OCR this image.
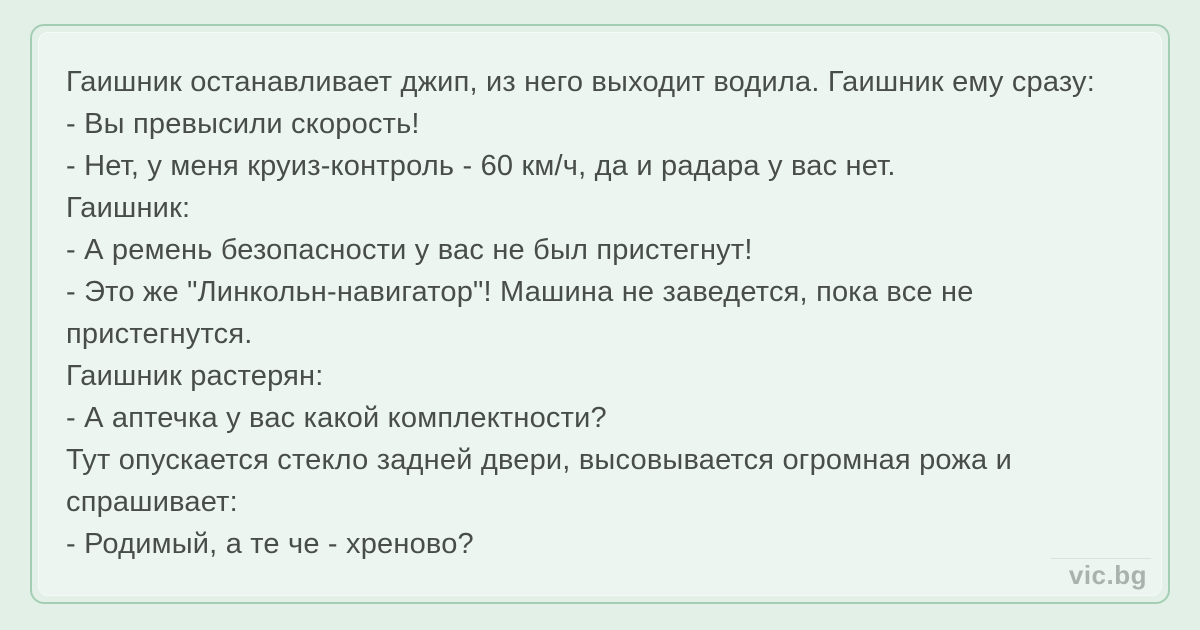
Гаишник останавливает джип, из него выходит водила. Гаишник ему сразу:
- Вы превысили скорость!
- Нет, у меня круиз-контроль - 60 км/ч, да и радара у вас нет.
Гаишник:
- А ремень безопасности у вас не был пристегнут!
- Это же "Линкольн-навигатор"! Машина не заведется, пока все не
пристегнутся.
Гаишник растерян:
- А аптечка у вас какой комплектности?
Тут опускается стекло задней двери, высовывается огромная рожа и
спрашивает:
- Родимый, а те че - хреново?
vic.bg
